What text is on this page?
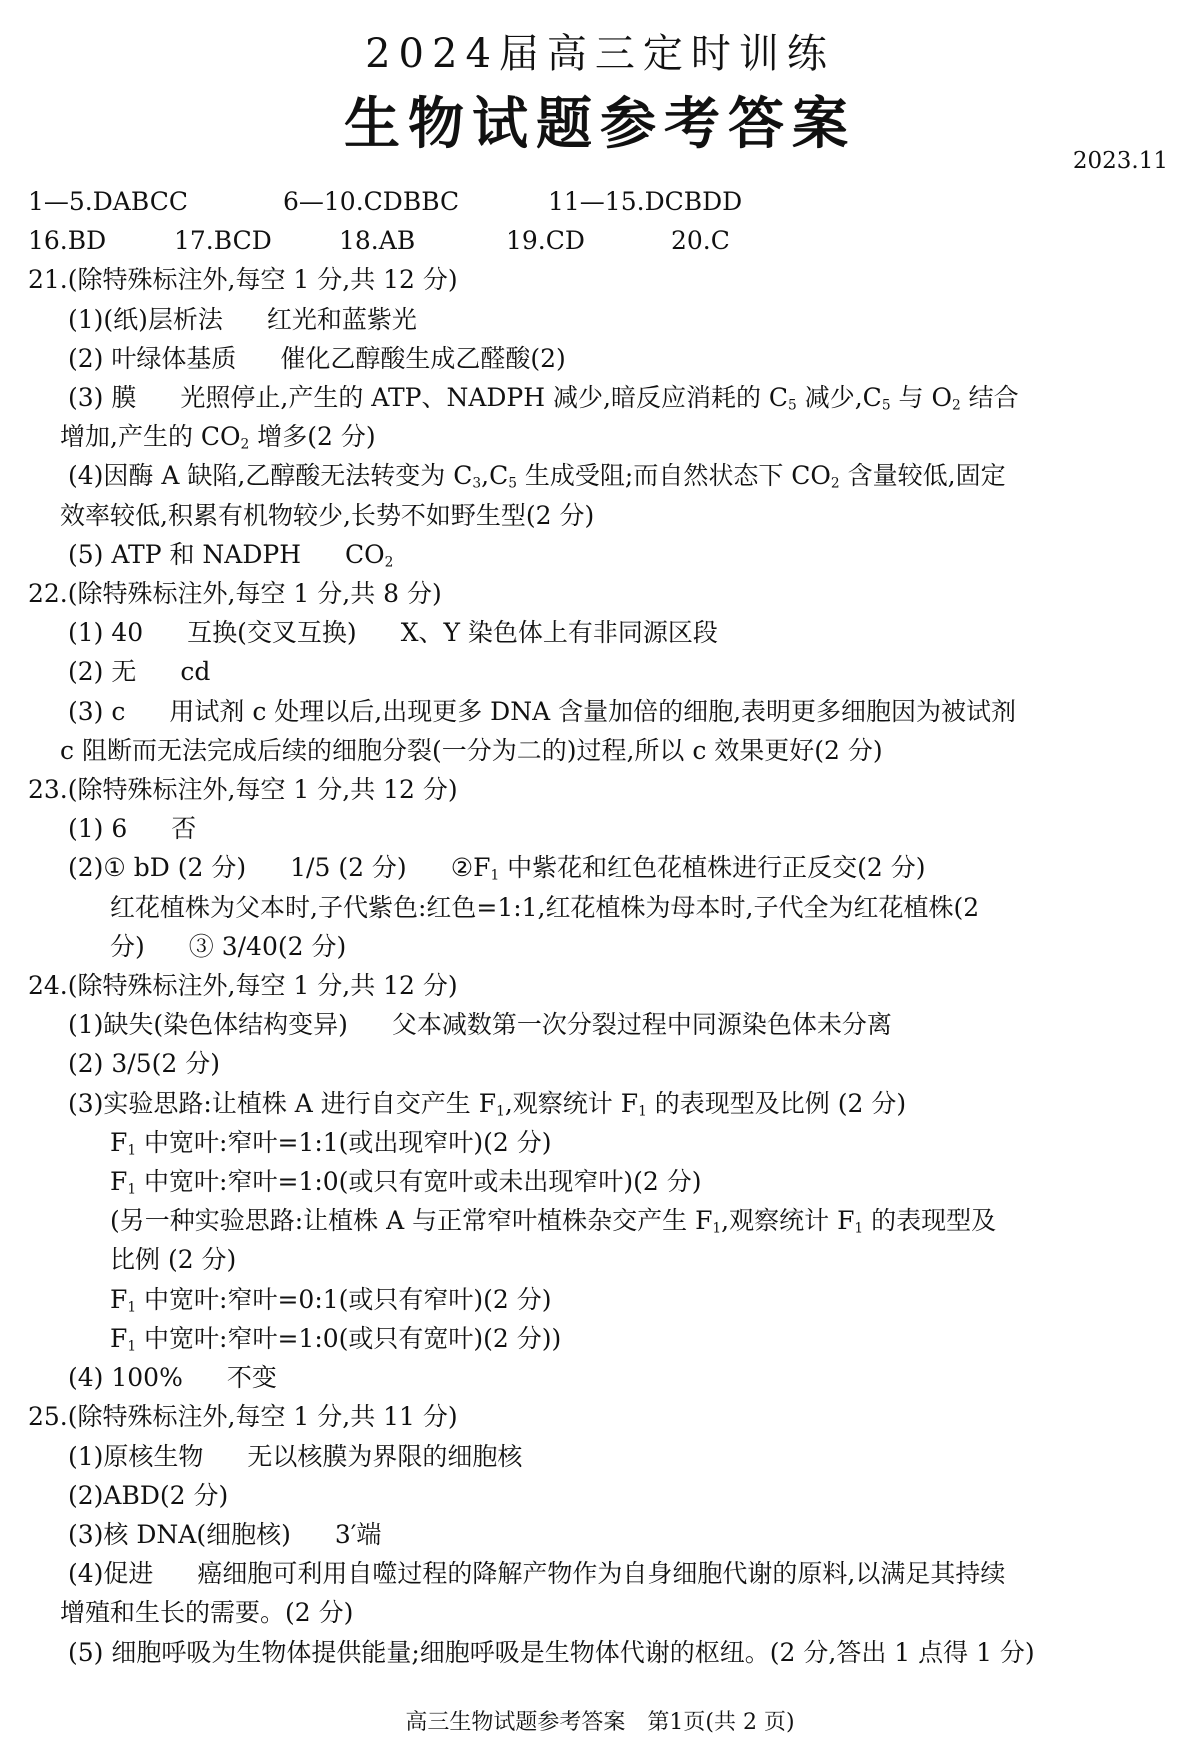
2024届高三定时训练
生物试题参考答案
2023.11
1—5.DABCC	6—10.CDBBC	11—15.DCBDD
16.BD	17.BCD	18.AB	19.CD	20.C
21.(除特殊标注外,每空 1 分,共 12 分)
(1)(纸)层析法 红光和蓝紫光
(2) 叶绿体基质 催化乙醇酸生成乙醛酸(2)
(3) 膜 光照停止,产生的 ATP、NADPH 减少,暗反应消耗的 $C_5$ 减少$,C_5$ 与 $O_2$ 结合
增加,产生的 $CO_2$ 增多(2 分)
(4)因酶 A 缺陷,乙醇酸无法转变为 $C_3,C_5$ 生成受阻;而自然状态下 $CO_2$ 含量较低,固定
效率较低,积累有机物较少,长势不如野生型(2 分)
(5) ATP 和 NADPH $CO_2$
22.(除特殊标注外,每空 1 分,共 8 分)
(1) 40 互换(交叉互换) X、Y 染色体上有非同源区段
(2) 无 cd
(3) c 用试剂 c 处理以后,出现更多 DNA 含量加倍的细胞,表明更多细胞因为被试剂
c 阻断而无法完成后续的细胞分裂(一分为二的)过程,所以 c 效果更好(2 分)
23.(除特殊标注外,每空 1 分,共 12 分)
(1) 6 否
(2)① bD (2 分) 1/5 (2 分) $②F_1$ 中紫花和红色花植株进行正反交(2 分)
红花植株为父本时,子代紫色:红色=1:1,红花植株为母本时,子代全为红花植株(2
分) ③ 3/40(2 分)
24.(除特殊标注外,每空 1 分,共 12 分)
(1)缺失(染色体结构变异) 父本减数第一次分裂过程中同源染色体未分离
(2) 3/5(2 分)
(3)实验思路:让植株 A 进行自交产生 $F_1$,观察统计 $F_1$ 的表现型及比例 (2 分)
$F_1$ 中宽叶:窄叶=1:1(或出现窄叶)(2 分)
$F_1$ 中宽叶:窄叶=1:0(或只有宽叶或未出现窄叶)(2 分)
(另一种实验思路:让植株 A 与正常窄叶植株杂交产生 $F_1$,观察统计 $F_1$ 的表现型及
比例 (2 分)
$F_1$ 中宽叶:窄叶=0:1(或只有窄叶)(2 分)
$F_1$ 中宽叶:窄叶=1:0(或只有宽叶)(2 分))
(4) 100% 不变
25.(除特殊标注外,每空 1 分,共 11 分)
(1)原核生物 无以核膜为界限的细胞核
(2)ABD(2 分)
(3)核 DNA(细胞核) 3′端
(4)促进 癌细胞可利用自噬过程的降解产物作为自身细胞代谢的原料,以满足其持续
增殖和生长的需要。(2 分)
(5) 细胞呼吸为生物体提供能量;细胞呼吸是生物体代谢的枢纽。(2 分,答出 1 点得 1 分)
高三生物试题参考答案　第1页(共 2 页)
